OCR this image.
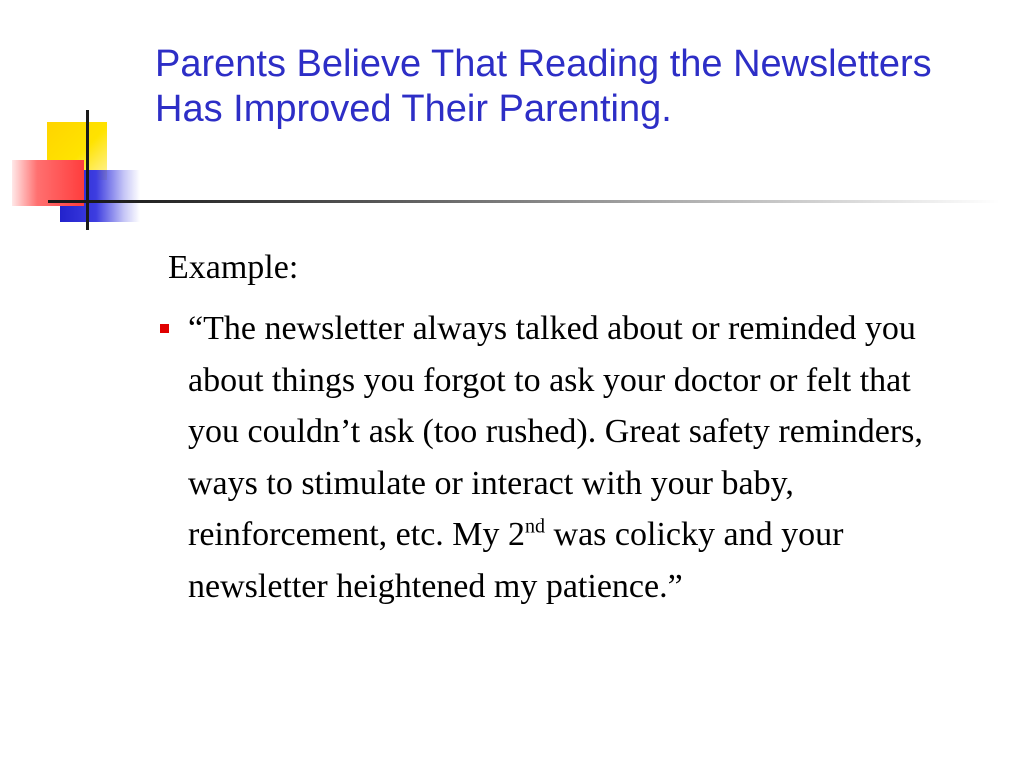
Parents Believe That Reading the Newsletters Has Improved Their Parenting.

Example:

“The newsletter always talked about or reminded you about things you forgot to ask your doctor or felt that you couldn’t ask (too rushed). Great safety reminders, ways to stimulate or interact with your baby, reinforcement, etc. My 2nd was colicky and your newsletter heightened my patience.”
